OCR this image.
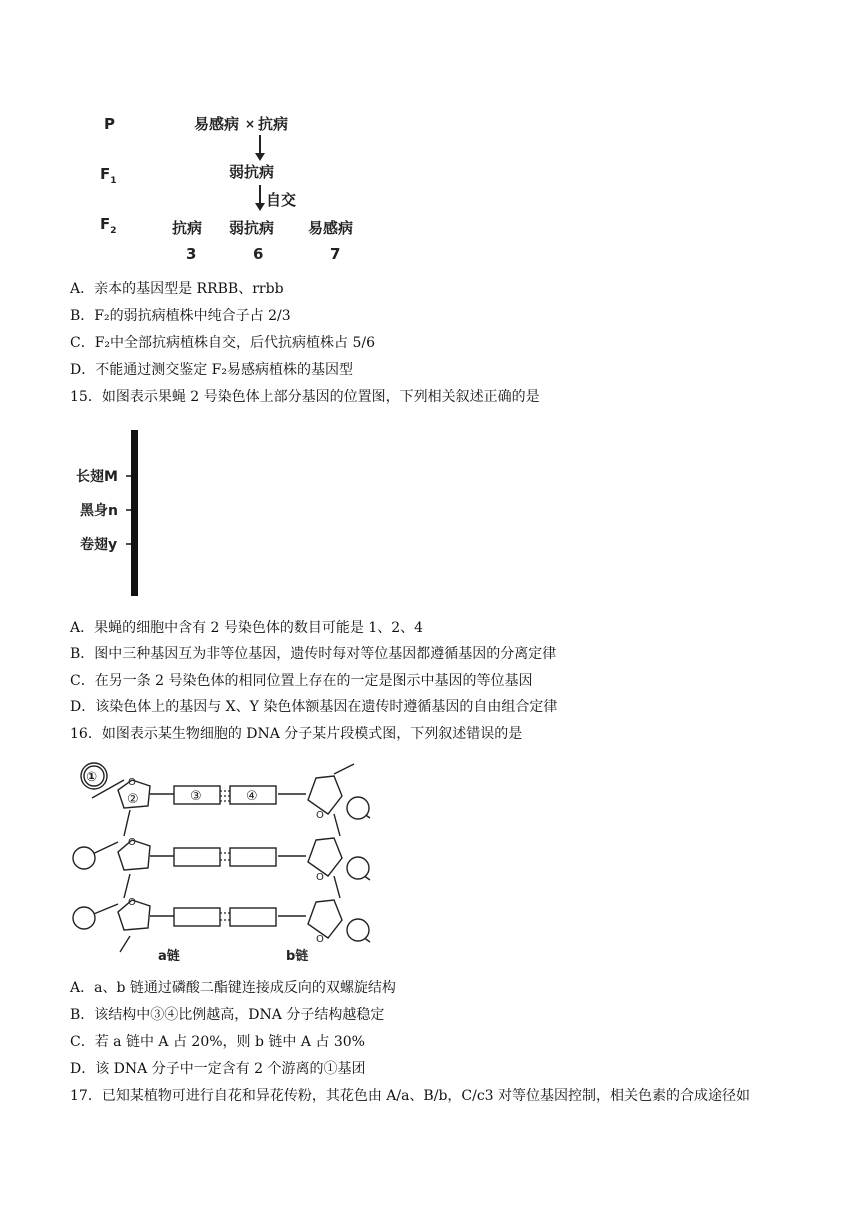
P
$F_1$
$F_2$
易感病 × 抗病
弱抗病
自交
抗病 弱抗病 易感病
3	6	7
A．亲本的基因型是 RRBB、rrbb
B．F₂的弱抗病植株中纯合子占 2/3
C．F₂中全部抗病植株自交，后代抗病植株占 5/6
D．不能通过测交鉴定 F₂易感病植株的基因型
15．如图表示果蝇 2 号染色体上部分基因的位置图，下列相关叙述正确的是
长翅M
黑身n
卷翅y
A．果蝇的细胞中含有 2 号染色体的数目可能是 1、2、4
B．图中三种基因互为非等位基因，遗传时每对等位基因都遵循基因的分离定律
C．在另一条 2 号染色体的相同位置上存在的一定是图示中基因的等位基因
D．该染色体上的基因与 X、Y 染色体额基因在遗传时遵循基因的自由组合定律
16．如图表示某生物细胞的 DNA 分子某片段模式图，下列叙述错误的是
①
②	③	④
O
O
O
O
O
O
a链	b链
A．a、b 链通过磷酸二酯键连接成反向的双螺旋结构
B．该结构中③④比例越高，DNA 分子结构越稳定
C．若 a 链中 A 占 20%，则 b 链中 A 占 30%
D．该 DNA 分子中一定含有 2 个游离的①基团
17．已知某植物可进行自花和异花传粉，其花色由 A/a、B/b，C/c3 对等位基因控制，相关色素的合成途径如
